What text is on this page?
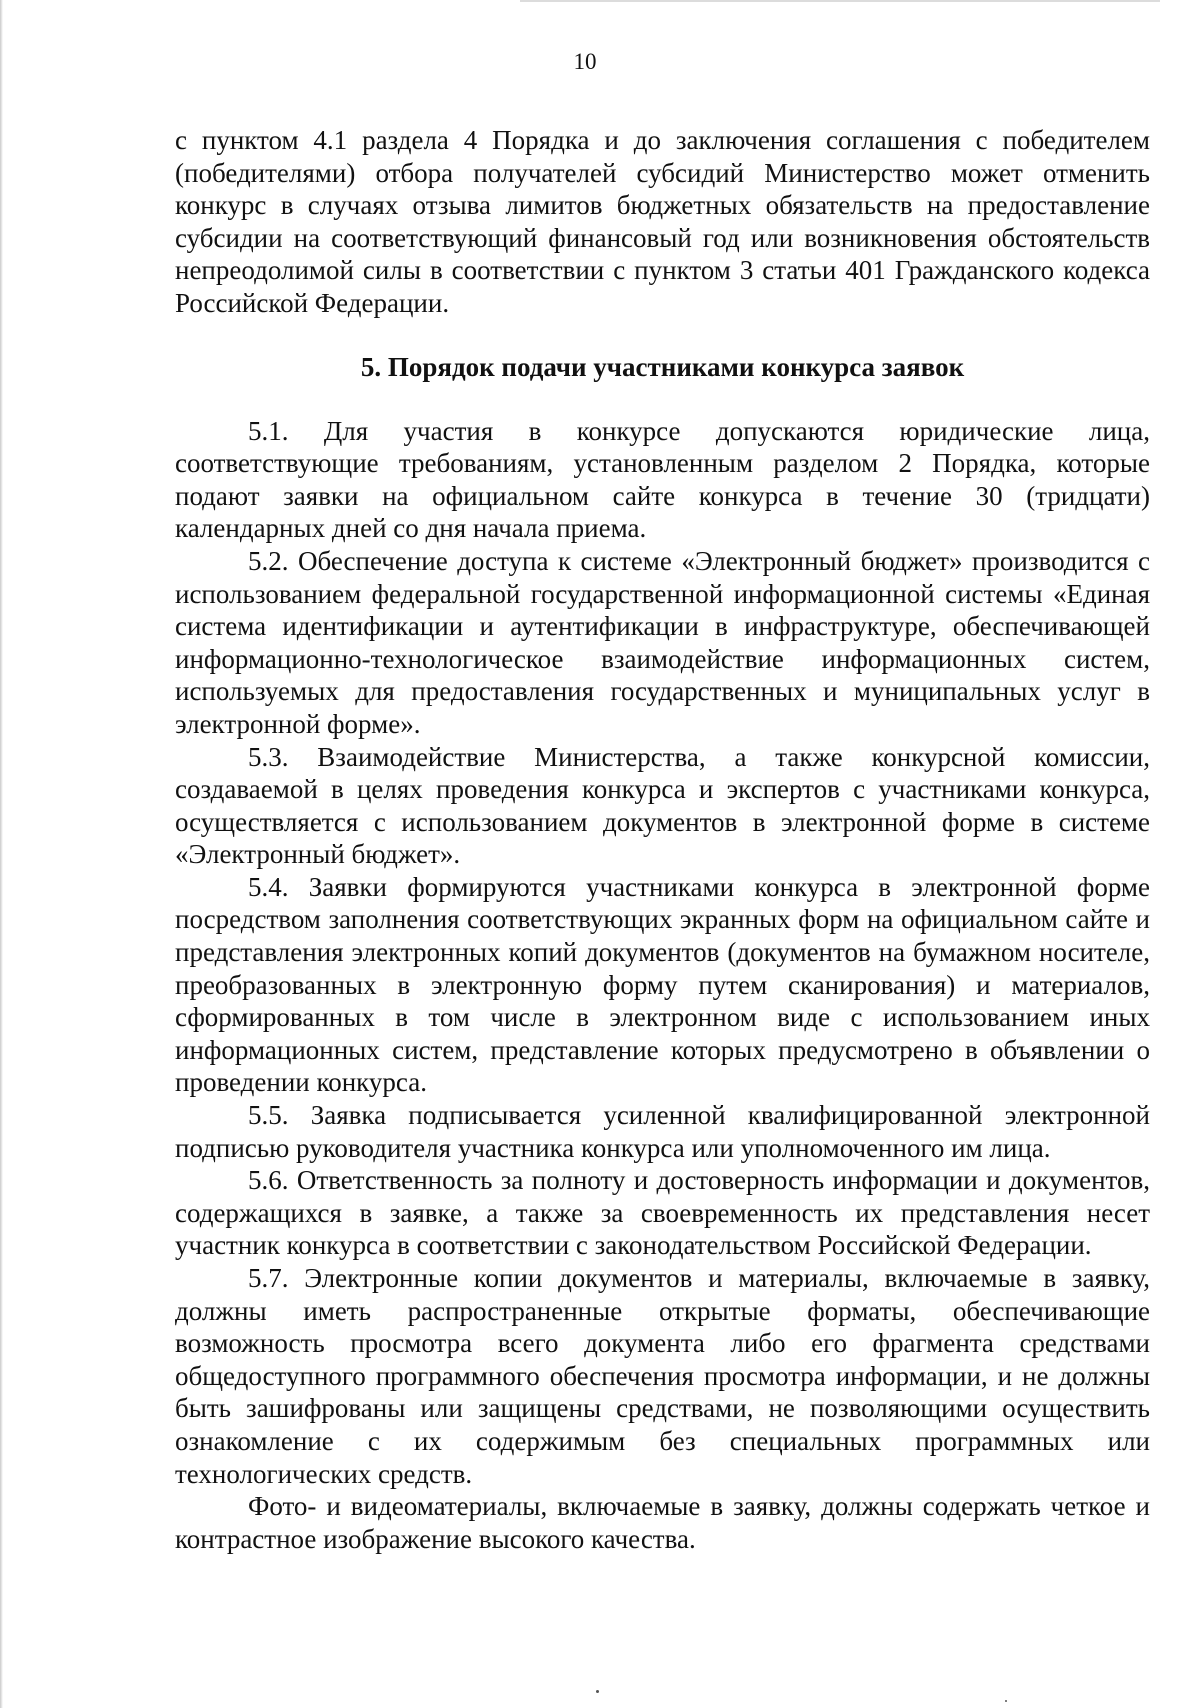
10

с пунктом 4.1 раздела 4 Порядка и до заключения соглашения с победителем (победителями) отбора получателей субсидий Министерство может отменить конкурс в случаях отзыва лимитов бюджетных обязательств на предоставление субсидии на соответствующий финансовый год или возникновения обстоятельств непреодолимой силы в соответствии с пунктом 3 статьи 401 Гражданского кодекса Российской Федерации.

5. Порядок подачи участниками конкурса заявок

5.1. Для участия в конкурсе допускаются юридические лица, соответствующие требованиям, установленным разделом 2 Порядка, которые подают заявки на официальном сайте конкурса в течение 30 (тридцати) календарных дней со дня начала приема.

5.2. Обеспечение доступа к системе «Электронный бюджет» производится с использованием федеральной государственной информационной системы «Единая система идентификации и аутентификации в инфраструктуре, обеспечивающей информационно-технологическое взаимодействие информационных систем, используемых для предоставления государственных и муниципальных услуг в электронной форме».

5.3. Взаимодействие Министерства, а также конкурсной комиссии, создаваемой в целях проведения конкурса и экспертов с участниками конкурса, осуществляется с использованием документов в электронной форме в системе «Электронный бюджет».

5.4. Заявки формируются участниками конкурса в электронной форме посредством заполнения соответствующих экранных форм на официальном сайте и представления электронных копий документов (документов на бумажном носителе, преобразованных в электронную форму путем сканирования) и материалов, сформированных в том числе в электронном виде с использованием иных информационных систем, представление которых предусмотрено в объявлении о проведении конкурса.

5.5. Заявка подписывается усиленной квалифицированной электронной подписью руководителя участника конкурса или уполномоченного им лица.

5.6. Ответственность за полноту и достоверность информации и документов, содержащихся в заявке, а также за своевременность их представления несет участник конкурса в соответствии с законодательством Российской Федерации.

5.7. Электронные копии документов и материалы, включаемые в заявку, должны иметь распространенные открытые форматы, обеспечивающие возможность просмотра всего документа либо его фрагмента средствами общедоступного программного обеспечения просмотра информации, и не должны быть зашифрованы или защищены средствами, не позволяющими осуществить ознакомление с их содержимым без специальных программных или технологических средств.

Фото- и видеоматериалы, включаемые в заявку, должны содержать четкое и контрастное изображение высокого качества.
